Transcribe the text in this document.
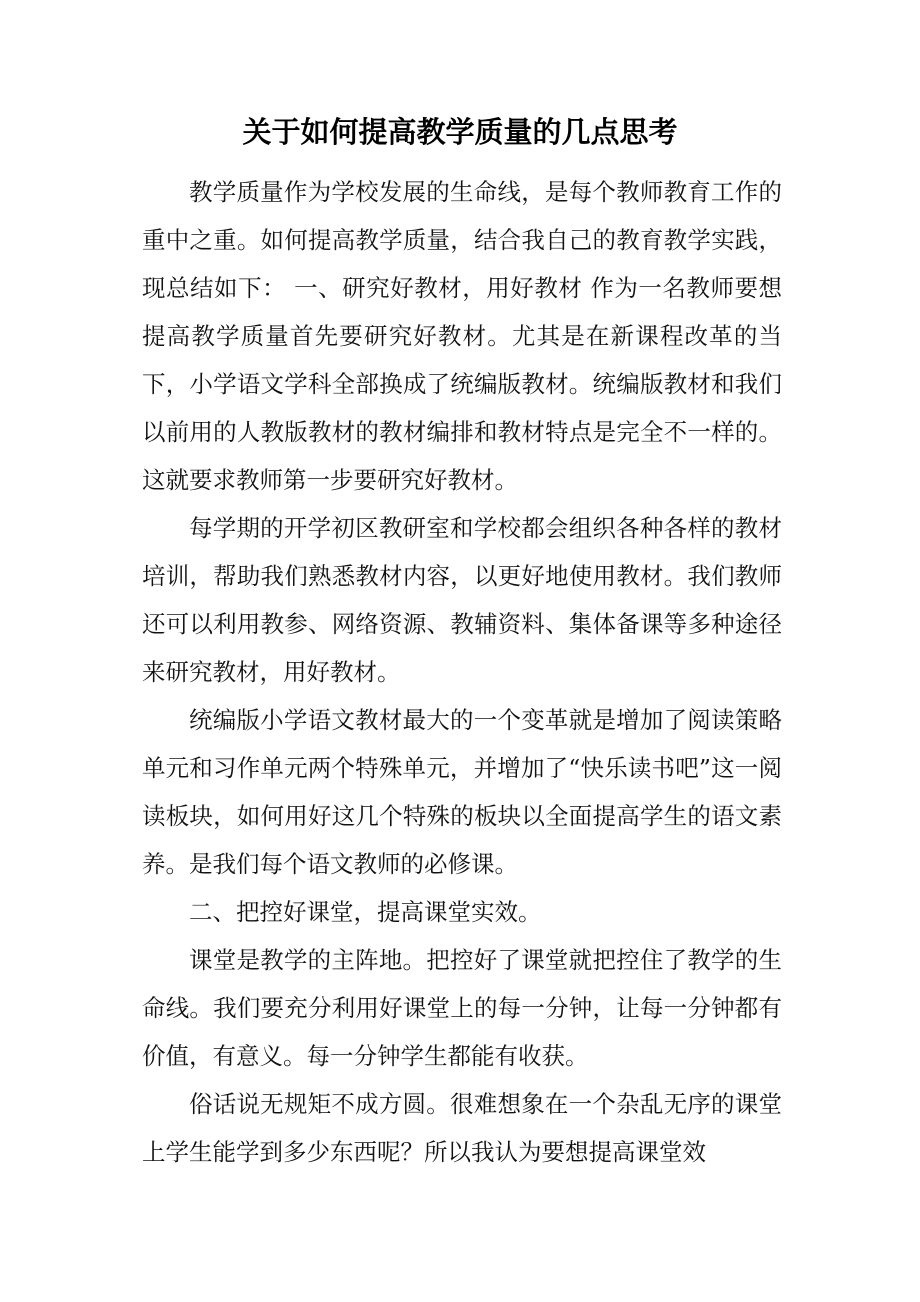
关于如何提高教学质量的几点思考

教学质量作为学校发展的生命线，是每个教师教育工作的重中之重。如何提高教学质量，结合我自己的教育教学实践，现总结如下： 一、研究好教材，用好教材 作为一名教师要想提高教学质量首先要研究好教材。尤其是在新课程改革的当下，小学语文学科全部换成了统编版教材。统编版教材和我们以前用的人教版教材的教材编排和教材特点是完全不一样的。这就要求教师第一步要研究好教材。

每学期的开学初区教研室和学校都会组织各种各样的教材培训，帮助我们熟悉教材内容，以更好地使用教材。我们教师还可以利用教参、网络资源、教辅资料、集体备课等多种途径来研究教材，用好教材。

统编版小学语文教材最大的一个变革就是增加了阅读策略单元和习作单元两个特殊单元，并增加了“快乐读书吧”这一阅读板块，如何用好这几个特殊的板块以全面提高学生的语文素养。是我们每个语文教师的必修课。

二、把控好课堂，提高课堂实效。

课堂是教学的主阵地。把控好了课堂就把控住了教学的生命线。我们要充分利用好课堂上的每一分钟，让每一分钟都有价值，有意义。每一分钟学生都能有收获。

俗话说无规矩不成方圆。很难想象在一个杂乱无序的课堂上学生能学到多少东西呢？所以我认为要想提高课堂效
